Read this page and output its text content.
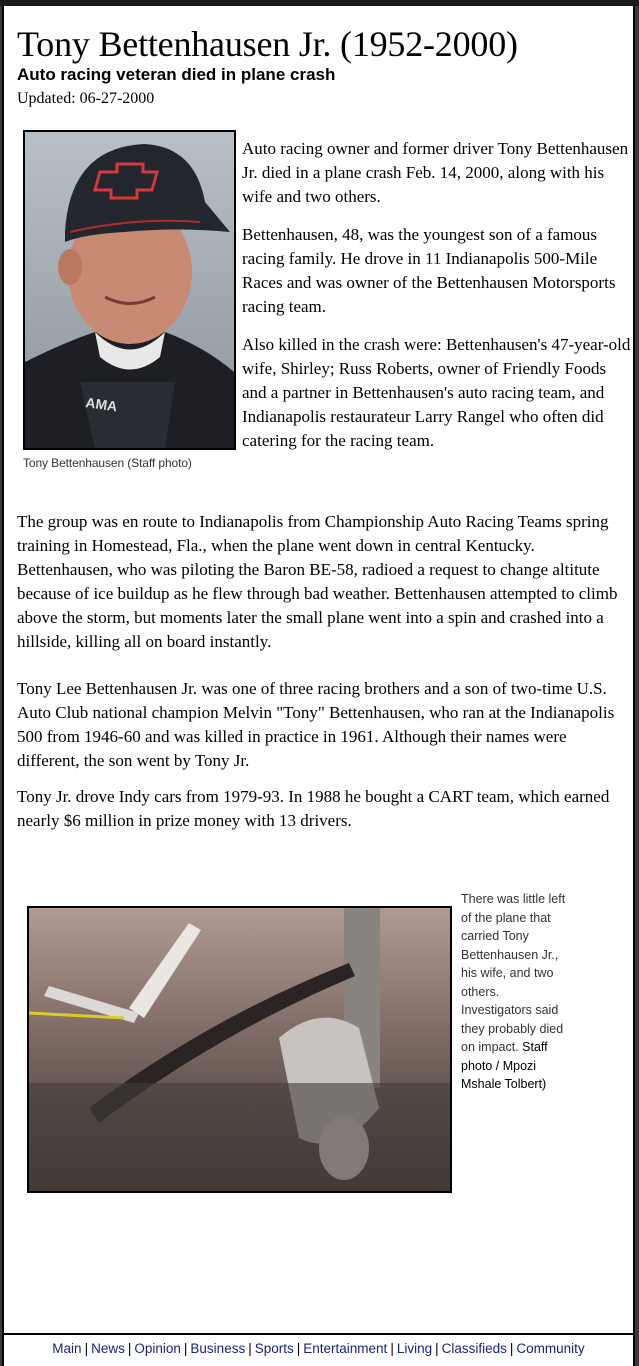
Tony Bettenhausen Jr. (1952-2000)
Auto racing veteran died in plane crash
Updated: 06-27-2000
AMA
Tony Bettenhausen (Staff photo)

Auto racing owner and former driver Tony Bettenhausen Jr. died in a plane crash Feb. 14, 2000, along with his wife and two others.

Bettenhausen, 48, was the youngest son of a famous racing family. He drove in 11 Indianapolis 500-Mile Races and was owner of the Bettenhausen Motorsports racing team.

Also killed in the crash were: Bettenhausen's 47-year-old wife, Shirley; Russ Roberts, owner of Friendly Foods and a partner in Bettenhausen's auto racing team, and Indianapolis restaurateur Larry Rangel who often did catering for the racing team.

The group was en route to Indianapolis from Championship Auto Racing Teams spring training in Homestead, Fla., when the plane went down in central Kentucky. Bettenhausen, who was piloting the Baron BE-58, radioed a request to change altitute because of ice buildup as he flew through bad weather. Bettenhausen attempted to climb above the storm, but moments later the small plane went into a spin and crashed into a hillside, killing all on board instantly.

Tony Lee Bettenhausen Jr. was one of three racing brothers and a son of two-time U.S. Auto Club national champion Melvin "Tony" Bettenhausen, who ran at the Indianapolis 500 from 1946-60 and was killed in practice in 1961. Although their names were different, the son went by Tony Jr.

Tony Jr. drove Indy cars from 1979-93. In 1988 he bought a CART team, which earned nearly $6 million in prize money with 13 drivers.

There was little left of the plane that carried Tony Bettenhausen Jr., his wife, and two others. Investigators said they probably died on impact. Staff photo / Mpozi Mshale Tolbert)
Main | News | Opinion | Business | Sports | Entertainment | Living | Classifieds | Community
